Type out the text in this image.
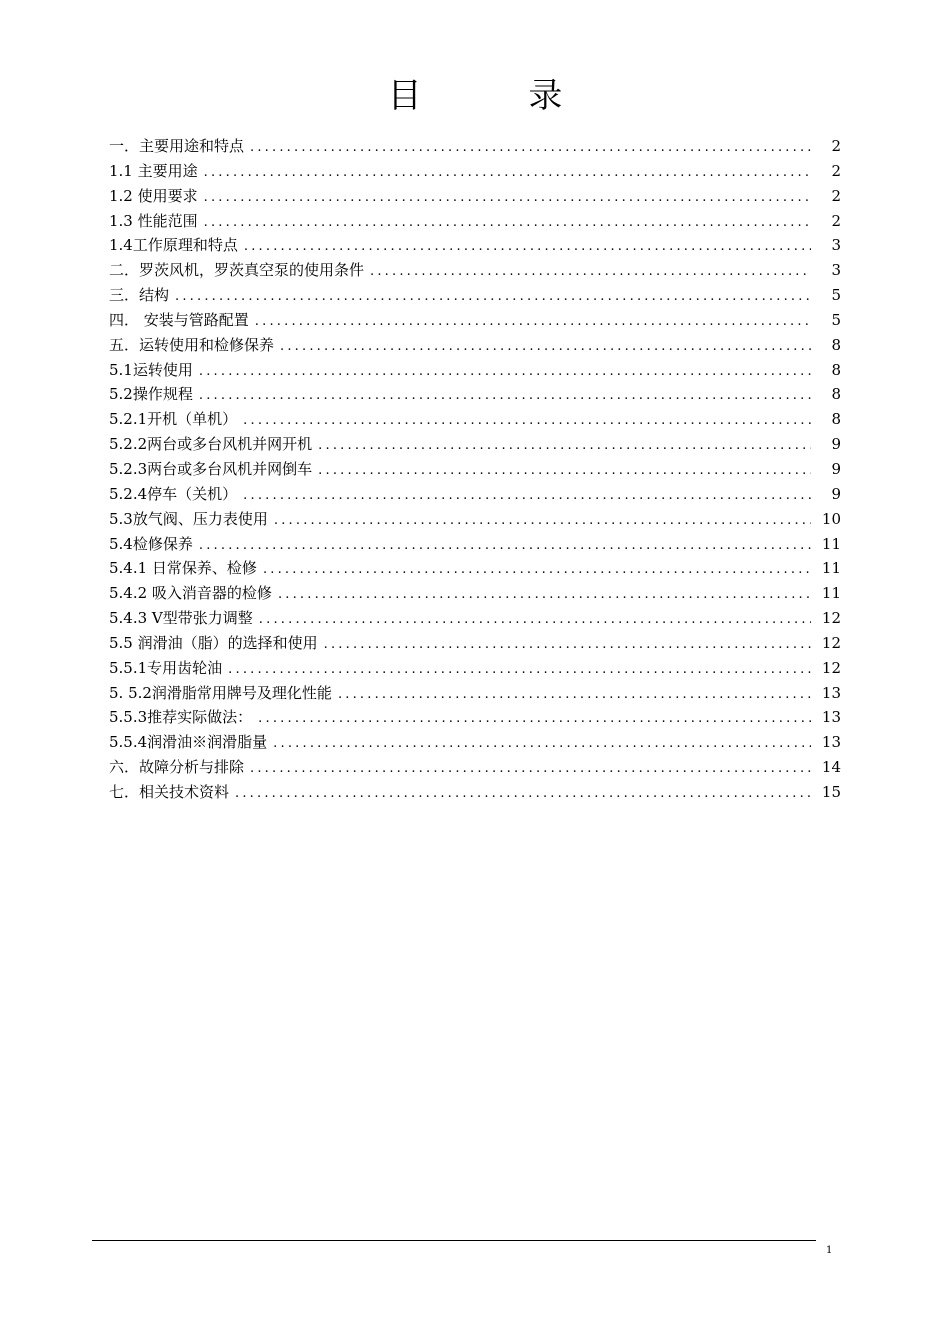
目 录
一．主要用途和特点 .....	2
1.1 主要用途 .....	2
1.2 使用要求 .....	2
1.3 性能范围 .....	2
1.4工作原理和特点 .....	3
二．罗茨风机，罗茨真空泵的使用条件 .....	3
三．结构 .....	5
四． 安装与管路配置 .....	5
五．运转使用和检修保养 .....	8
5.1运转使用 .....	8
5.2操作规程 .....	8
5.2.1开机（单机） .....	8
5.2.2两台或多台风机并网开机 .....	9
5.2.3两台或多台风机并网倒车 .....	9
5.2.4停车（关机） .....	9
5.3放气阀、压力表使用 .....	10
5.4检修保养 .....	11
5.4.1 日常保养、检修 .....	11
5.4.2 吸入消音器的检修 .....	11
5.4.3 V型带张力调整 .....	12
5.5 润滑油（脂）的选择和使用 .....	12
5.5.1专用齿轮油 .....	12
5. 5.2润滑脂常用牌号及理化性能 .....	13
5.5.3推荐实际做法： .....	13
5.5.4润滑油※润滑脂量 .....	13
六．故障分析与排除 .....	14
七．相关技术资料 .....	15
1
